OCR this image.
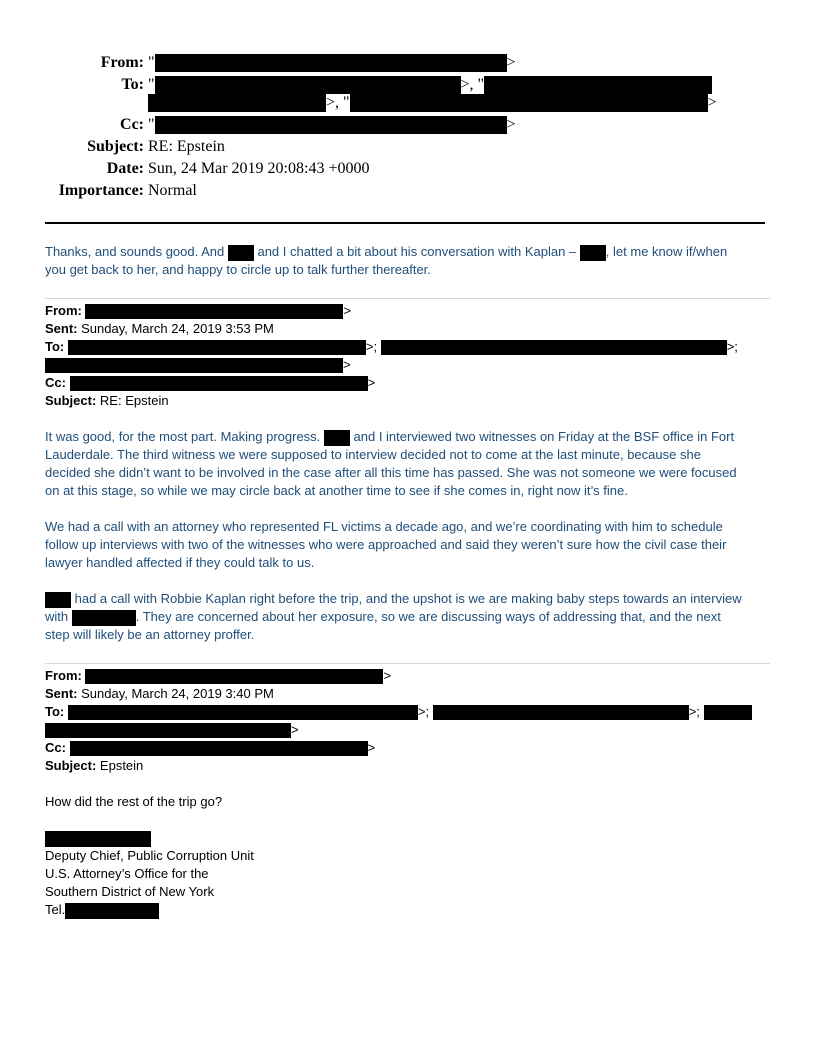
From: "	>
To: "	>, "
>, "	>
Cc: "	>
Subject: RE: Epstein
Date: Sun, 24 Mar 2019 20:08:43 +0000
Importance: Normal
Thanks, and sounds good. And  and I chatted a bit about his conversation with Kaplan – , let me know if/when
you get back to her, and happy to circle up to talk further thereafter.
From:	>
Sent: Sunday, March 24, 2019 3:53 PM
To:	>;	>;
>
Cc:	>
Subject: RE: Epstein
It was good, for the most part. Making progress.  and I interviewed two witnesses on Friday at the BSF office in Fort
Lauderdale. The third witness we were supposed to interview decided not to come at the last minute, because she
decided she didn’t want to be involved in the case after all this time has passed. She was not someone we were focused
on at this stage, so while we may circle back at another time to see if she comes in, right now it’s fine.
We had a call with an attorney who represented FL victims a decade ago, and we’re coordinating with him to schedule
follow up interviews with two of the witnesses who were approached and said they weren’t sure how the civil case their
lawyer handled affected if they could talk to us.
had a call with Robbie Kaplan right before the trip, and the upshot is we are making baby steps towards an interview
with	. They are concerned about her exposure, so we are discussing ways of addressing that, and the next
step will likely be an attorney proffer.
From:	>
Sent: Sunday, March 24, 2019 3:40 PM
To:	>;	>;
>
Cc:	>
Subject: Epstein
How did the rest of the trip go?
Deputy Chief, Public Corruption Unit
U.S. Attorney’s Office for the
Southern District of New York
Tel.
